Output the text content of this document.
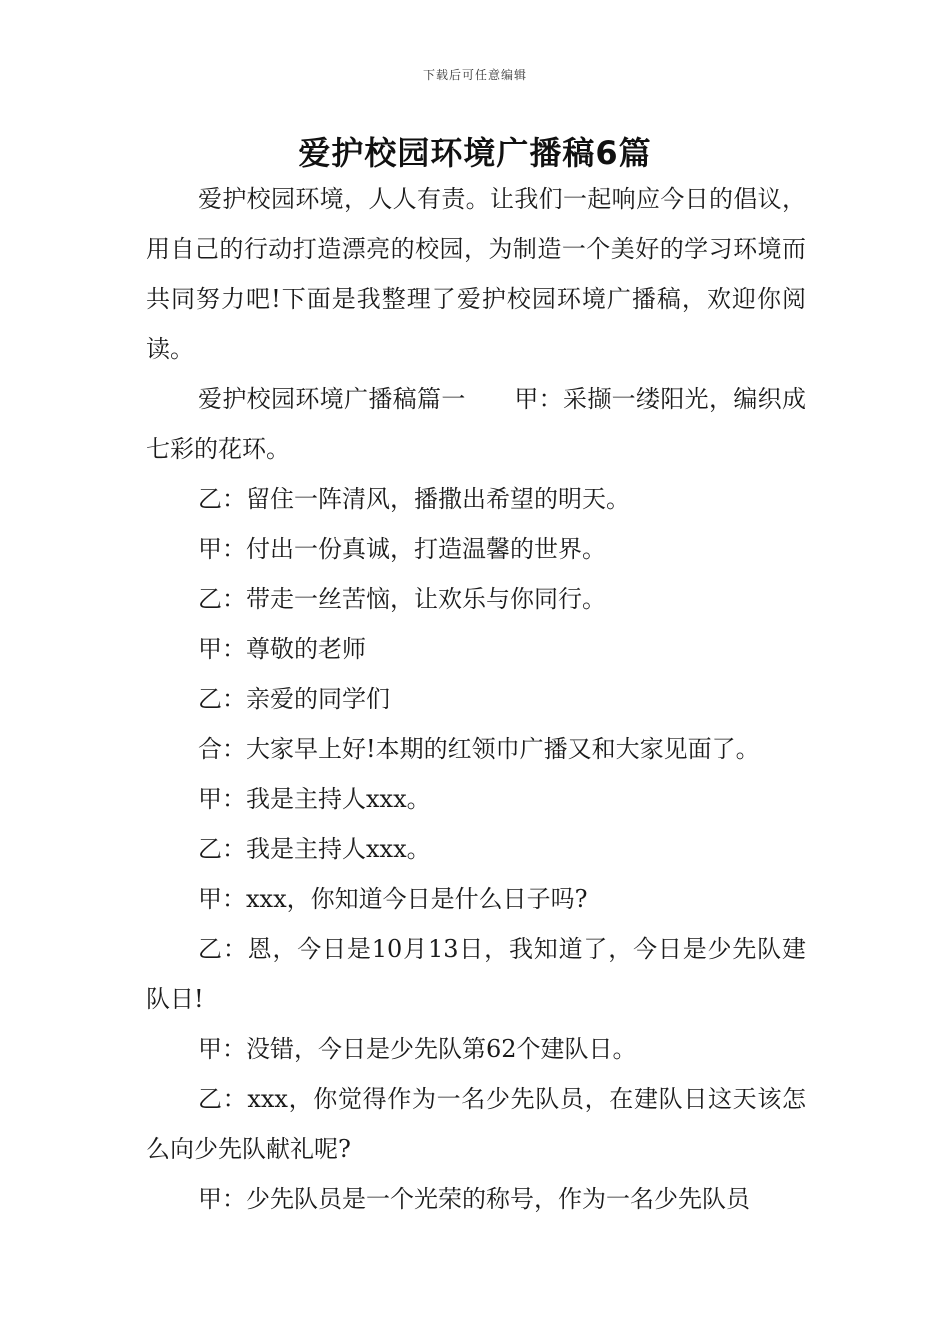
下载后可任意编辑
爱护校园环境广播稿6篇

爱护校园环境，人人有责。让我们一起响应今日的倡议，用自己的行动打造漂亮的校园，为制造一个美好的学习环境而共同努力吧!下面是我整理了爱护校园环境广播稿，欢迎你阅读。

爱护校园环境广播稿篇一　　甲：采撷一缕阳光，编织成七彩的花环。

乙：留住一阵清风，播撒出希望的明天。

甲：付出一份真诚，打造温馨的世界。

乙：带走一丝苦恼，让欢乐与你同行。

甲：尊敬的老师

乙：亲爱的同学们

合：大家早上好!本期的红领巾广播又和大家见面了。

甲：我是主持人xxx。

乙：我是主持人xxx。

甲：xxx，你知道今日是什么日子吗?

乙：恩，今日是10月13日，我知道了，今日是少先队建队日!

甲：没错，今日是少先队第62个建队日。

乙：xxx，你觉得作为一名少先队员，在建队日这天该怎么向少先队献礼呢?

甲：少先队员是一个光荣的称号，作为一名少先队员
